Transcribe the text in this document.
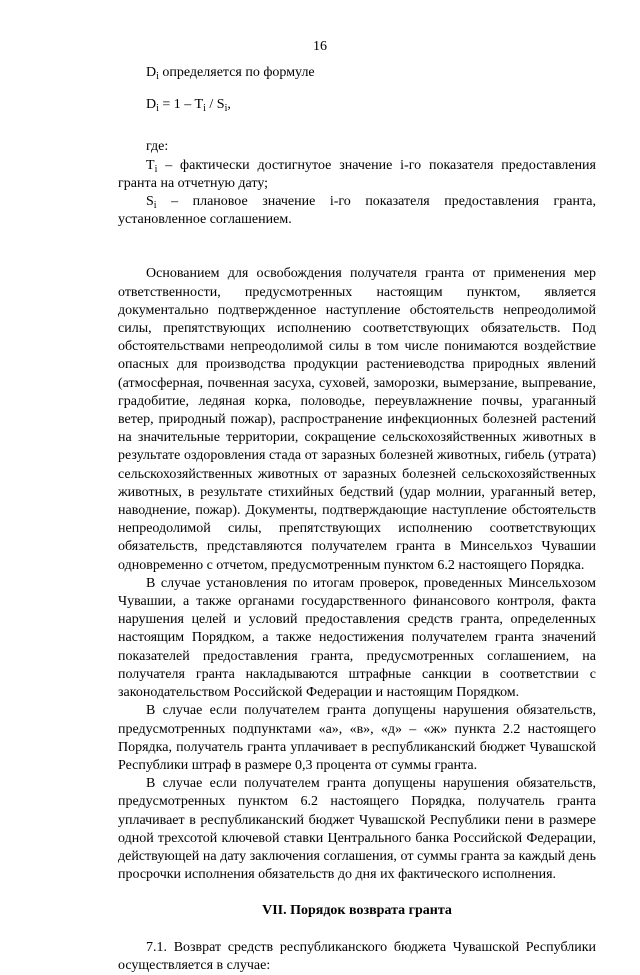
16

$D_i$ определяется по формуле

$D_i = 1 - T_i / S_i$,

где:

$T_i$ – фактически достигнутое значение i-го показателя предоставления гранта на отчетную дату;

$S_i$ – плановое значение i-го показателя предоставления гранта, установленное соглашением.

Основанием для освобождения получателя гранта от применения мер ответственности, предусмотренных настоящим пунктом, является документально подтвержденное наступление обстоятельств непреодолимой силы, препятствующих исполнению соответствующих обязательств. Под обстоятельствами непреодолимой силы в том числе понимаются воздействие опасных для производства продукции растениеводства природных явлений (атмосферная, почвенная засуха, суховей, заморозки, вымерзание, выпревание, градобитие, ледяная корка, половодье, переувлажнение почвы, ураганный ветер, природный пожар), распространение инфекционных болезней растений на значительные территории, сокращение сельскохозяйственных животных в результате оздоровления стада от заразных болезней животных, гибель (утрата) сельскохозяйственных животных от заразных болезней сельскохозяйственных животных, в результате стихийных бедствий (удар молнии, ураганный ветер, наводнение, пожар). Документы, подтверждающие наступление обстоятельств непреодолимой силы, препятствующих исполнению соответствующих обязательств, представляются получателем гранта в Минсельхоз Чувашии одновременно с отчетом, предусмотренным пунктом 6.2 настоящего Порядка.

В случае установления по итогам проверок, проведенных Минсельхозом Чувашии, а также органами государственного финансового контроля, факта нарушения целей и условий предоставления средств гранта, определенных настоящим Порядком, а также недостижения получателем гранта значений показателей предоставления гранта, предусмотренных соглашением, на получателя гранта накладываются штрафные санкции в соответствии с законодательством Российской Федерации и настоящим Порядком.

В случае если получателем гранта допущены нарушения обязательств, предусмотренных подпунктами «а», «в», «д» – «ж» пункта 2.2 настоящего Порядка, получатель гранта уплачивает в республиканский бюджет Чувашской Республики штраф в размере 0,3 процента от суммы гранта.

В случае если получателем гранта допущены нарушения обязательств, предусмотренных пунктом 6.2 настоящего Порядка, получатель гранта уплачивает в республиканский бюджет Чувашской Республики пени в размере одной трехсотой ключевой ставки Центрального банка Российской Федерации, действующей на дату заключения соглашения, от суммы гранта за каждый день просрочки исполнения обязательств до дня их фактического исполнения.

VII. Порядок возврата гранта

7.1. Возврат средств республиканского бюджета Чувашской Республики осуществляется в случае:
